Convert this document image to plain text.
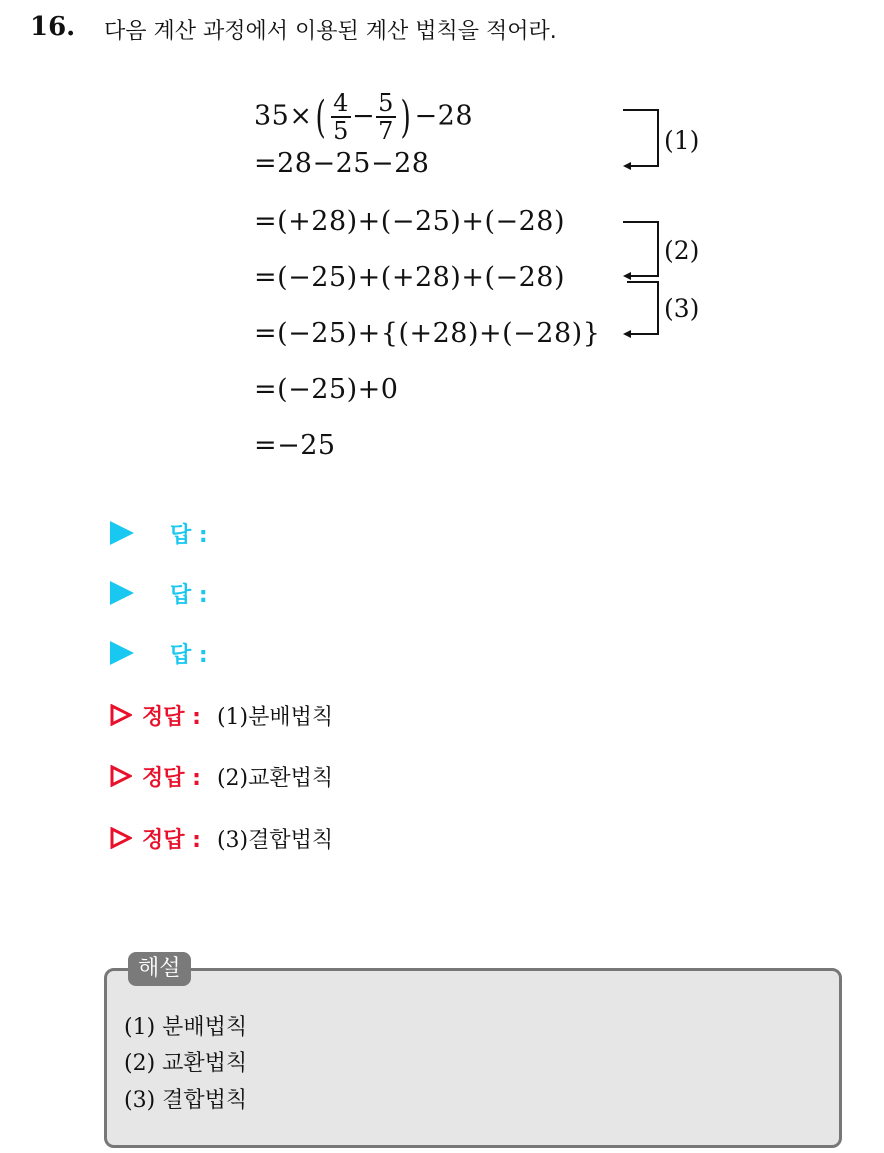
16. 다음 계산 과정에서 이용된 계산 법칙을 적어라.
$35\times( \frac{4}{5} - \frac{5}{7}$ ) −28
=28−25−28
=(+28)+(−25)+(−28)
=(−25)+(+28)+(−28)
=(−25)+{(+28)+(−28)}
=(−25)+0
=−25
(1)
(2)
(3)
답 :
답 :
답 :
정답 : (1)분배법칙
정답 : (2)교환법칙
정답 : (3)결합법칙
해설
(1) 분배법칙
(2) 교환법칙
(3) 결합법칙
